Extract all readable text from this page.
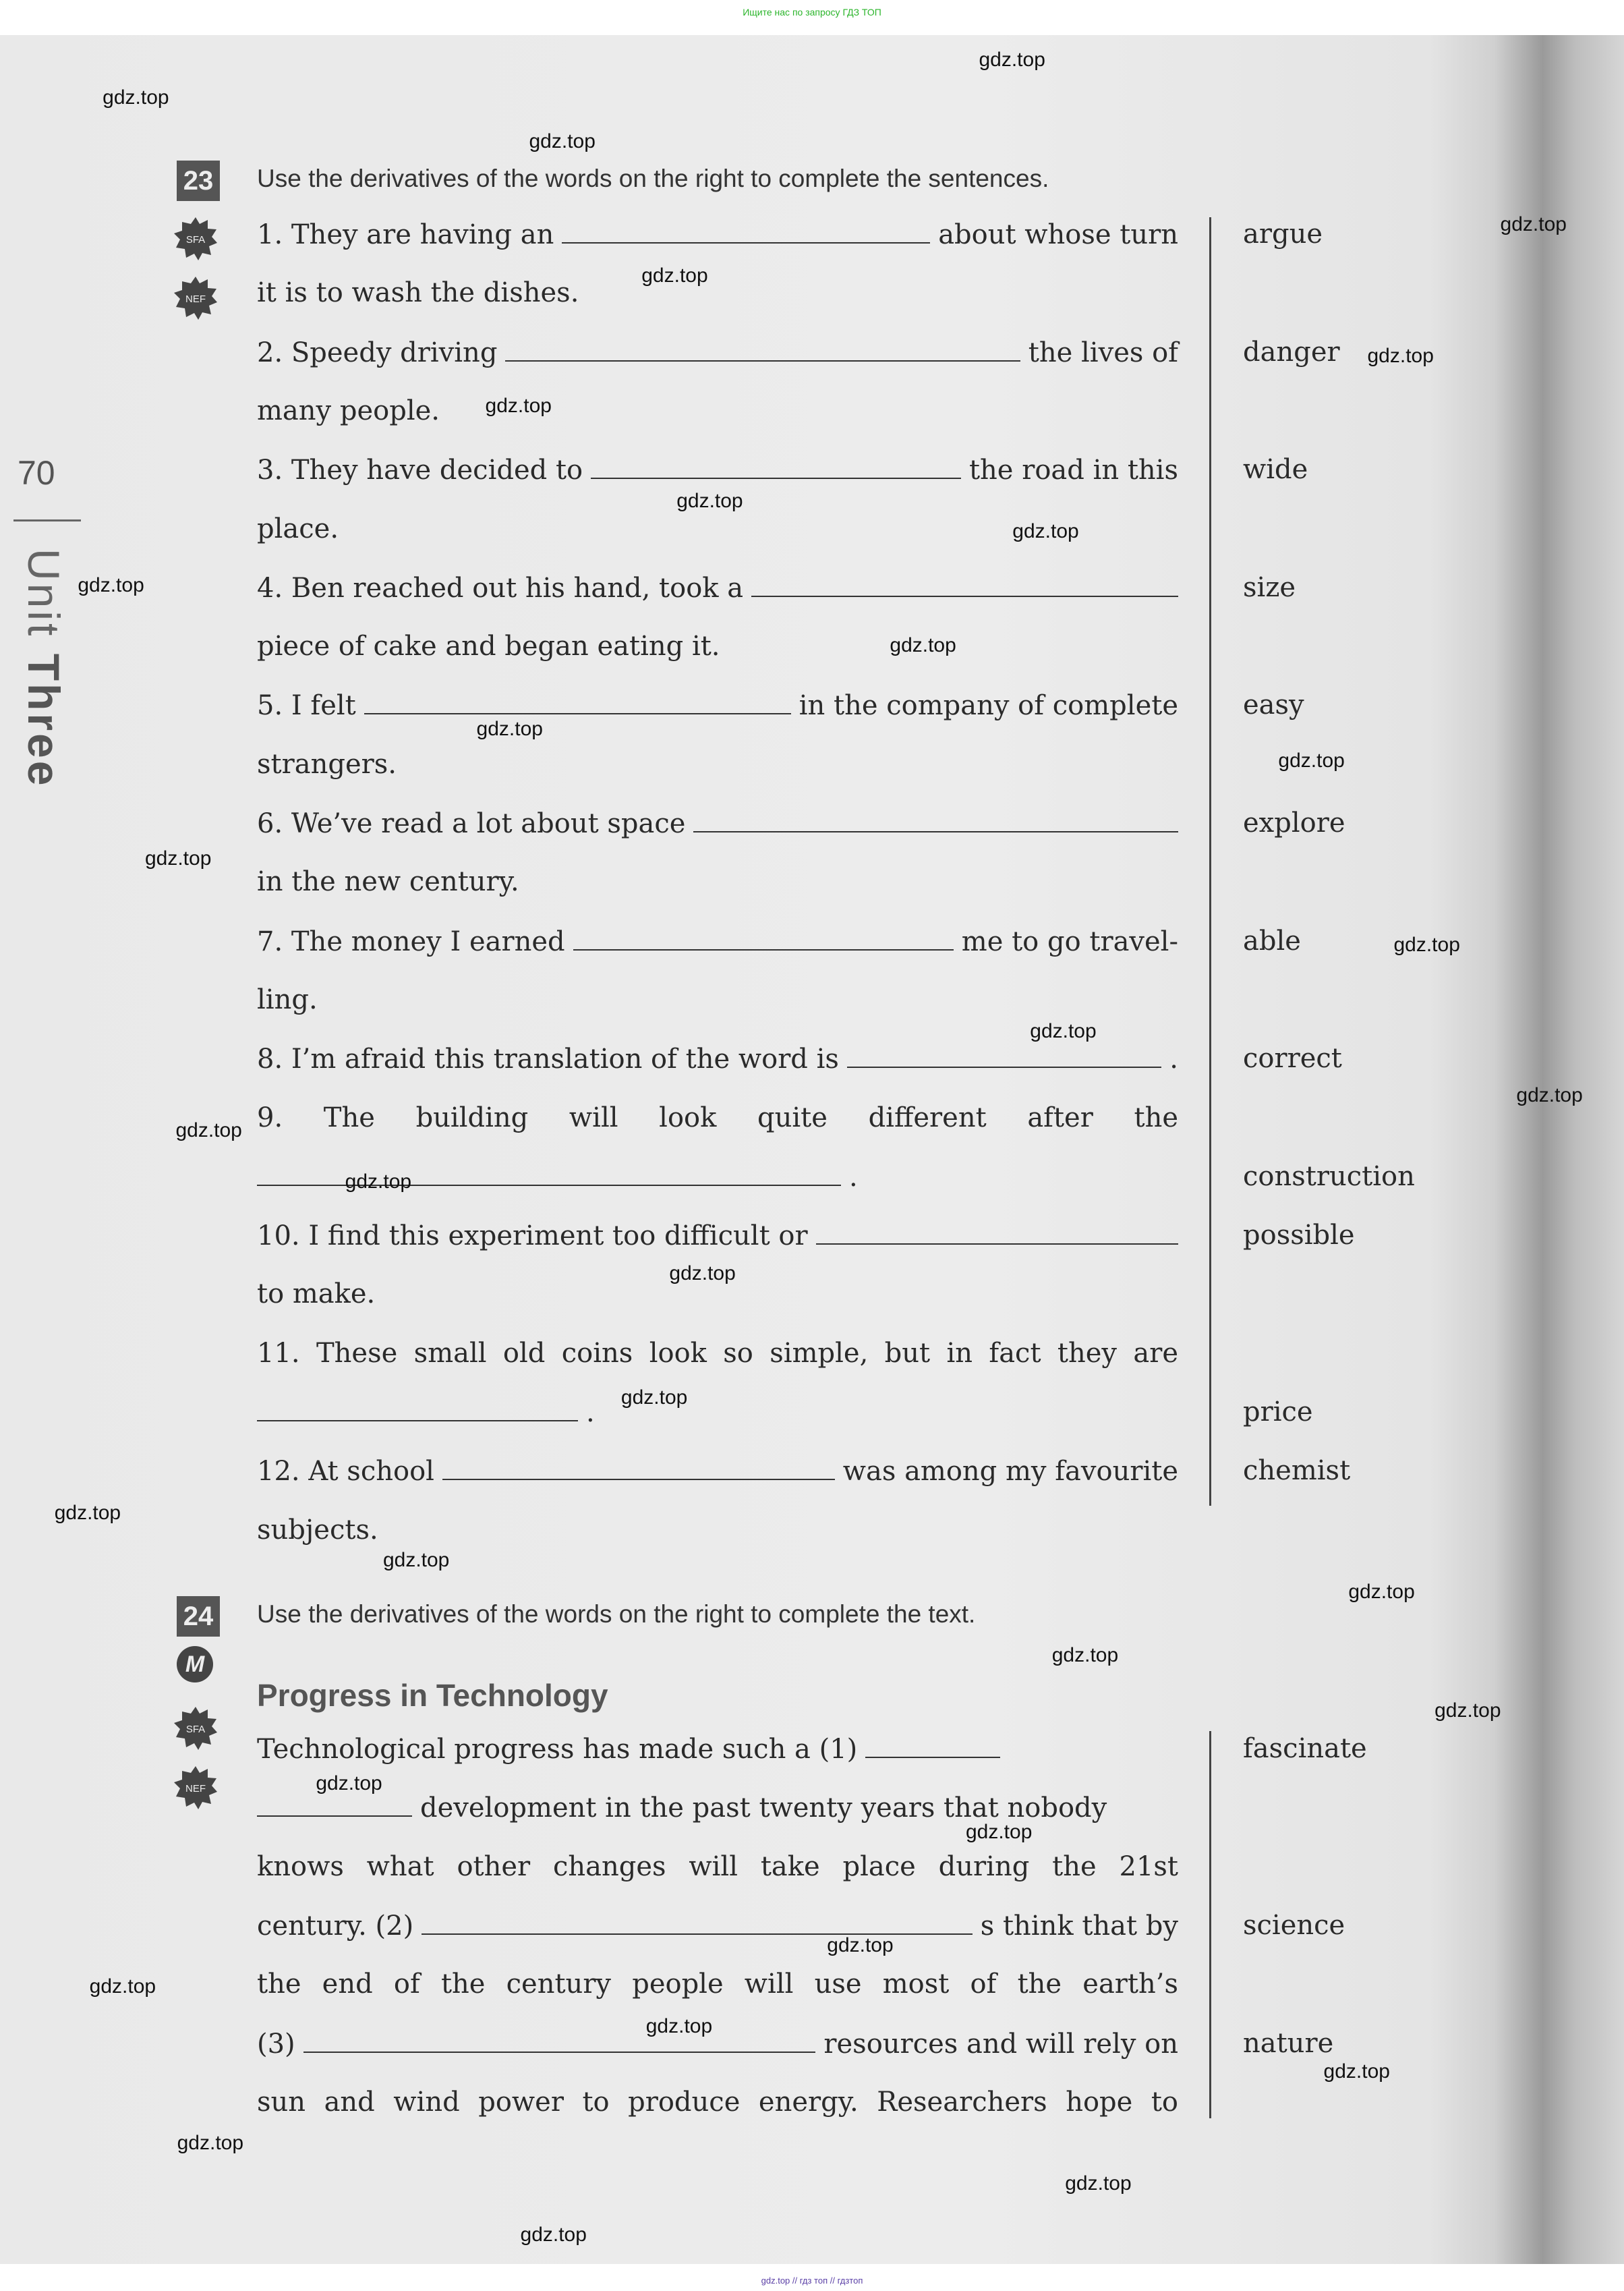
Ищите нас по запросу ГДЗ ТОП
gdz.top // гдз топ // гдзтоп
70
Unit Three
23 Use the derivatives of the words on the right to complete the sentences.
SFA
NEF
1. They are having an	about whose turn
it is to wash the dishes.
2. Speedy driving	the lives of
many people.
3. They have decided to	the road in this
place.
4. Ben reached out his hand, took a
piece of cake and began eating it.
5. I felt	in the company of complete
strangers.
6. We’ve read a lot about space
in the new century.
7. The money I earned	me to go travel-
ling.
8. I’m afraid this translation of the word is	.
9. The building will look quite different after the
.
10. I find this experiment too difficult or
to make.
11. These small old coins look so simple, but in fact they are
.
12. At school	was among my favourite
subjects.
argue
danger
wide
size
easy
explore
able
correct
construction
possible
price
chemist
24 Use the derivatives of the words on the right to complete the text.
M
Progress in Technology
SFA
NEF
Technological progress has made such a (1)
development in the past twenty years that nobody
knows what other changes will take place during the 21st
century. (2)	s think that by
the end of the century people will use most of the earth’s
(3)	resources and will rely on
sun and wind power to produce energy. Researchers hope to
fascinate
science
nature
gdz.top
gdz.top
gdz.top
gdz.top
gdz.top
gdz.top
gdz.top
gdz.top
gdz.top
gdz.top
gdz.top
gdz.top
gdz.top
gdz.top
gdz.top
gdz.top
gdz.top
gdz.top
gdz.top
gdz.top
gdz.top
gdz.top
gdz.top
gdz.top
gdz.top
gdz.top
gdz.top
gdz.top
gdz.top
gdz.top
gdz.top
gdz.top
gdz.top
gdz.top
gdz.top
